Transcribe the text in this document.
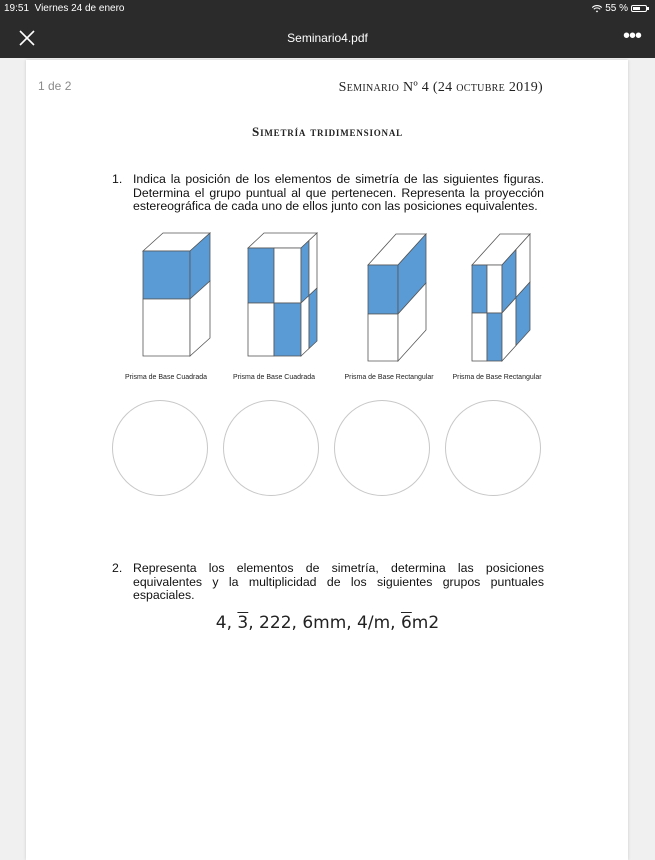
19:51 Viernes 24 de enero	55 %
Seminario4.pdf	•••
1 de 2	Seminario Nº 4 (24 octubre 2019)
Simetría tridimensional
1. Indica la posición de los elementos de simetría de las siguientes figuras. Determina el grupo puntual al que pertenecen. Representa la proyección estereográfica de cada uno de ellos junto con las posiciones equivalentes.
Prisma de Base Cuadrada	Prisma de Base Cuadrada	Prisma de Base Rectangular	Prisma de Base Rectangular
2. Representa los elementos de simetría, determina las posiciones equivalentes y la multiplicidad de los siguientes grupos puntuales espaciales.
4, 3, 222, 6mm, 4/m, 6m2
